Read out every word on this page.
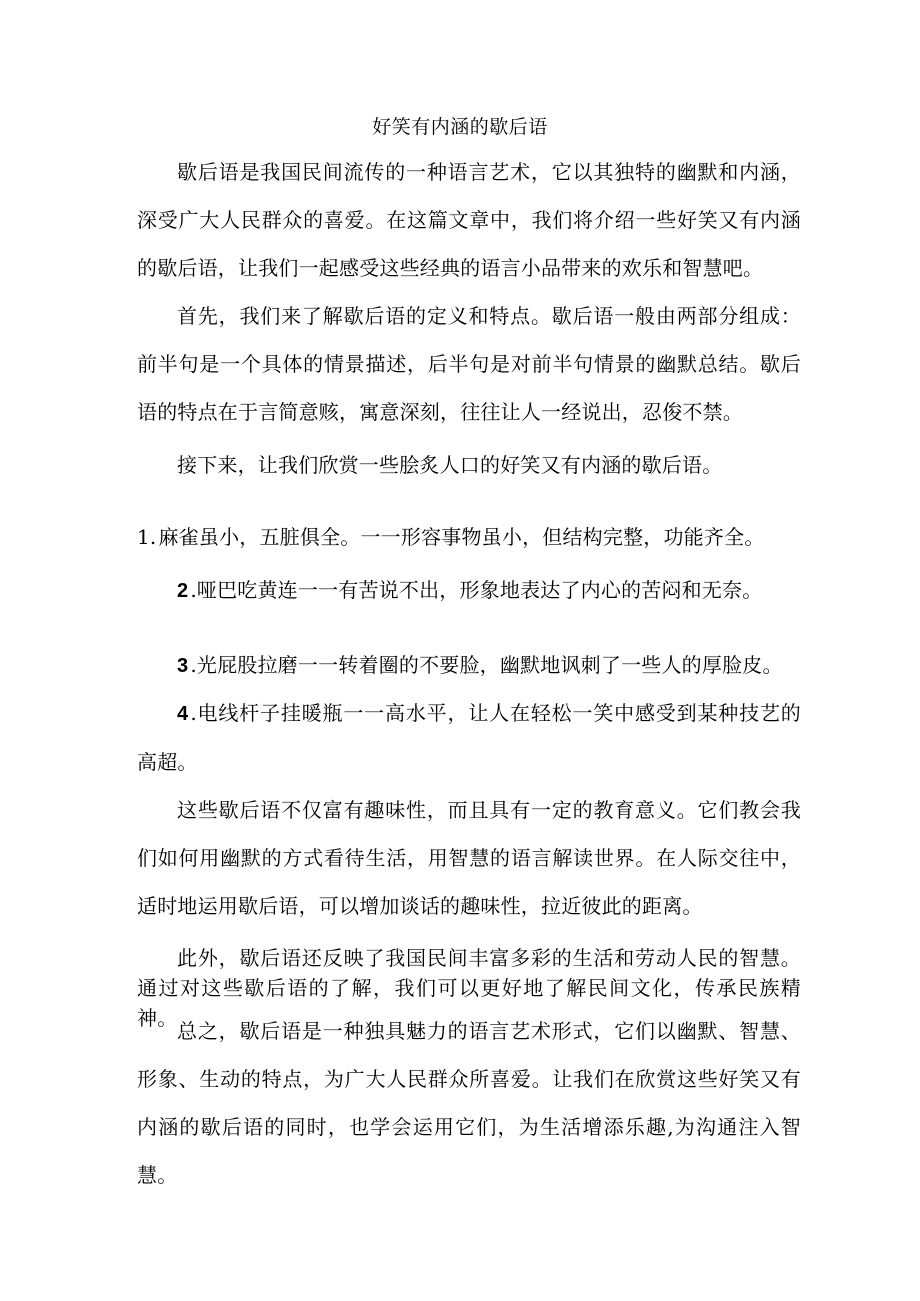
好笑有内涵的歇后语

歇后语是我国民间流传的一种语言艺术，它以其独特的幽默和内涵，深受广大人民群众的喜爱。在这篇文章中，我们将介绍一些好笑又有内涵的歇后语，让我们一起感受这些经典的语言小品带来的欢乐和智慧吧。

首先，我们来了解歇后语的定义和特点。歇后语一般由两部分组成：前半句是一个具体的情景描述，后半句是对前半句情景的幽默总结。歇后语的特点在于言简意赅，寓意深刻，往往让人一经说出，忍俊不禁。

接下来，让我们欣赏一些脍炙人口的好笑又有内涵的歇后语。

1. 麻雀虽小，五脏俱全。一一形容事物虽小，但结构完整，功能齐全。

2 .哑巴吃黄连一一有苦说不出，形象地表达了内心的苦闷和无奈。

3 .光屁股拉磨一一转着圈的不要脸，幽默地讽刺了一些人的厚脸皮。

4 .电线杆子挂暖瓶一一高水平，让人在轻松一笑中感受到某种技艺的高超。

这些歇后语不仅富有趣味性，而且具有一定的教育意义。它们教会我们如何用幽默的方式看待生活，用智慧的语言解读世界。在人际交往中，适时地运用歇后语，可以增加谈话的趣味性，拉近彼此的距离。

此外，歇后语还反映了我国民间丰富多彩的生活和劳动人民的智慧。通过对这些歇后语的了解，我们可以更好地了解民间文化，传承民族精神。

总之，歇后语是一种独具魅力的语言艺术形式，它们以幽默、智慧、形象、生动的特点，为广大人民群众所喜爱。让我们在欣赏这些好笑又有内涵的歇后语的同时，也学会运用它们，为生活增添乐趣,为沟通注入智慧。
